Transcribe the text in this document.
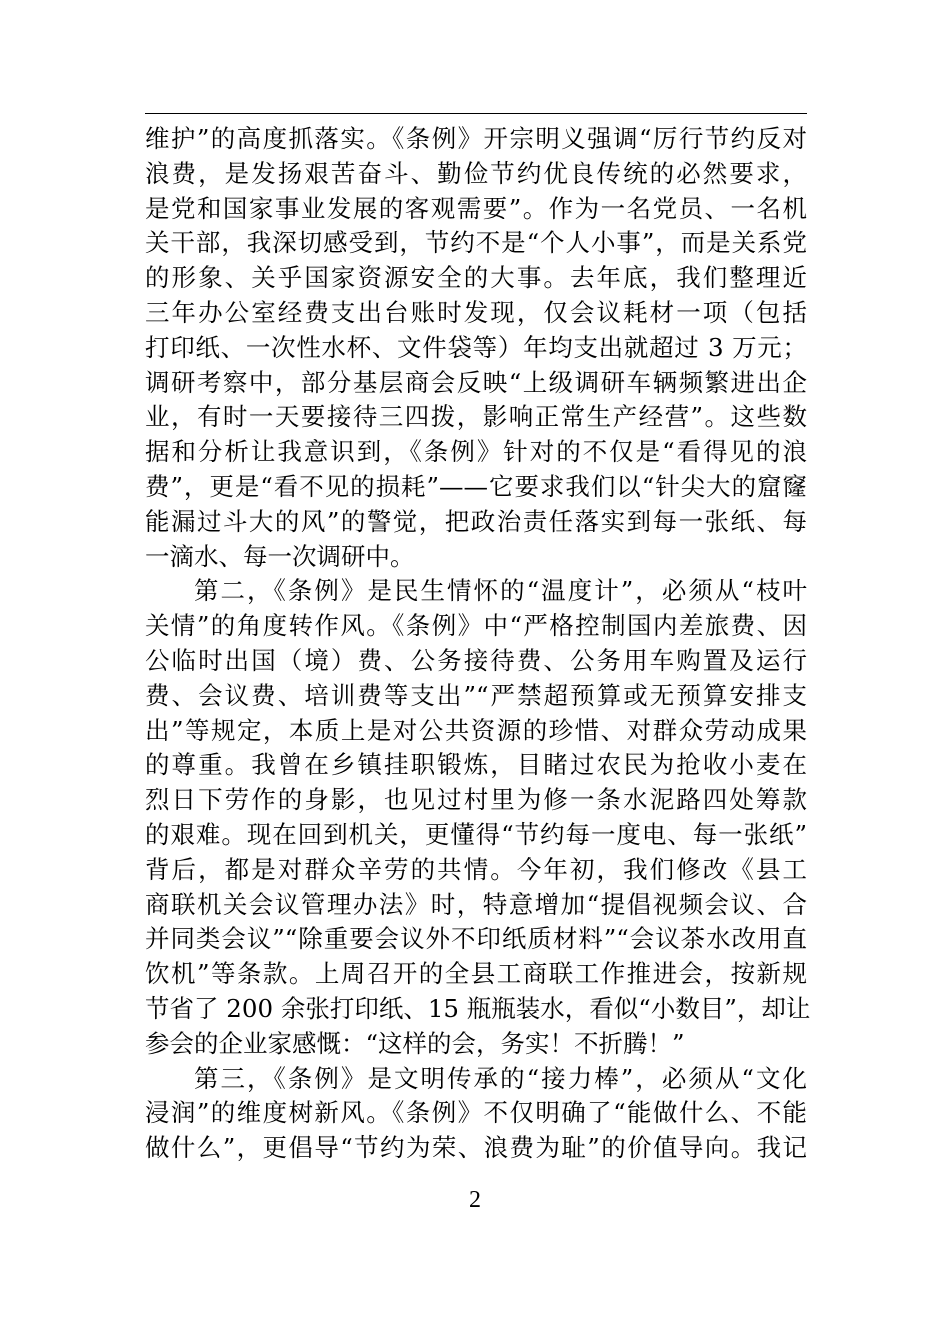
维护”的高度抓落实。《条例》开宗明义强调“厉行节约反对
浪费，是发扬艰苦奋斗、勤俭节约优良传统的必然要求，
是党和国家事业发展的客观需要”。作为一名党员、一名机
关干部，我深切感受到，节约不是“个人小事”，而是关系党
的形象、关乎国家资源安全的大事。去年底，我们整理近
三年办公室经费支出台账时发现，仅会议耗材一项（包括
打印纸、一次性水杯、文件袋等）年均支出就超过 3 万元；
调研考察中，部分基层商会反映“上级调研车辆频繁进出企
业，有时一天要接待三四拨，影响正常生产经营”。这些数
据和分析让我意识到，《条例》针对的不仅是“看得见的浪
费”，更是“看不见的损耗”——它要求我们以“针尖大的窟窿
能漏过斗大的风”的警觉，把政治责任落实到每一张纸、每
一滴水、每一次调研中。
第二，《条例》是民生情怀的“温度计”，必须从“枝叶
关情”的角度转作风。《条例》中“严格控制国内差旅费、因
公临时出国（境）费、公务接待费、公务用车购置及运行
费、会议费、培训费等支出”“严禁超预算或无预算安排支
出”等规定，本质上是对公共资源的珍惜、对群众劳动成果
的尊重。我曾在乡镇挂职锻炼，目睹过农民为抢收小麦在
烈日下劳作的身影，也见过村里为修一条水泥路四处筹款
的艰难。现在回到机关，更懂得“节约每一度电、每一张纸”
背后，都是对群众辛劳的共情。今年初，我们修改《县工
商联机关会议管理办法》时，特意增加“提倡视频会议、合
并同类会议”“除重要会议外不印纸质材料”“会议茶水改用直
饮机”等条款。上周召开的全县工商联工作推进会，按新规
节省了 200 余张打印纸、15 瓶瓶装水，看似“小数目”，却让
参会的企业家感慨：“这样的会，务实！不折腾！”
第三，《条例》是文明传承的“接力棒”，必须从“文化
浸润”的维度树新风。《条例》不仅明确了“能做什么、不能
做什么”，更倡导“节约为荣、浪费为耻”的价值导向。我记
2
